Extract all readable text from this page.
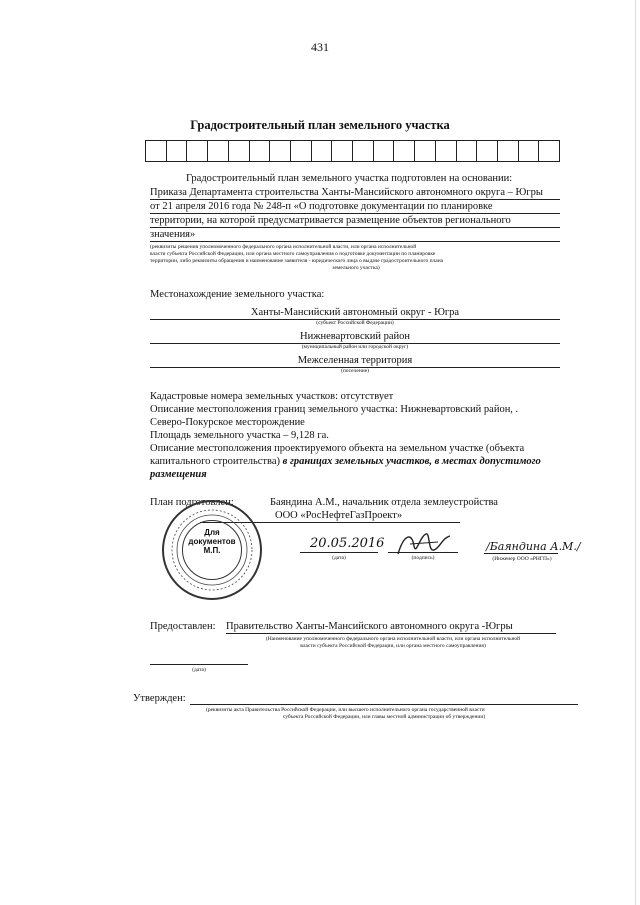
431
Градостроительный план земельного участка
Градостроительный план земельного участка подготовлен на основании:
Приказа Департамента строительства Ханты-Мансийского автономного округа – Югры
от 21 апреля 2016 года № 248-п «О подготовке документации по планировке
территории, на которой предусматривается размещение объектов регионального
значения»
(реквизиты решения уполномоченного федерального органа исполнительной власти, или органа исполнительной
власти субъекта Российской Федерации, или органа местного самоуправления о подготовке документации по планировке
территории, либо реквизиты обращения и наименование заявителя - юридического лица о выдаче градостроительного плана
земельного участка)
Местонахождение земельного участка:
Ханты-Мансийский автономный округ - Югра
(субъект Российской Федерации)
Нижневартовский район
(муниципальный район или городской округ)
Межселенная территория
(поселение)
Кадастровые номера земельных участков: отсутствует
Описание местоположения границ земельного участка: Нижневартовский район, .
Северо-Покурское месторождение
Площадь земельного участка – 9,128 га.
Описание местоположения проектируемого объекта на земельном участке (объекта
капитального строительства) в границах земельных участков, в местах допустимого
размещения
План подготовлен:	Баяндина А.М., начальник отдела землеустройства
ООО «РосНефтеГазПроект»
Для
документов
М.П.	20.05.2016
(дата)	(подпись)
/Баяндина А.М./
(Инженер ООО «РНГП»)
Предоставлен: Правительство Ханты-Мансийского автономного округа -Югры
(Наименование уполномоченного федерального органа исполнительной власти, или органа исполнительной
власти субъекта Российской Федерации, или органа местного самоуправления)
(дата)
Утвержден:
(реквизиты акта Правительства Российской Федерации, или высшего исполнительного органа государственной власти
субъекта Российской Федерации, или главы местной администрации об утверждении)
